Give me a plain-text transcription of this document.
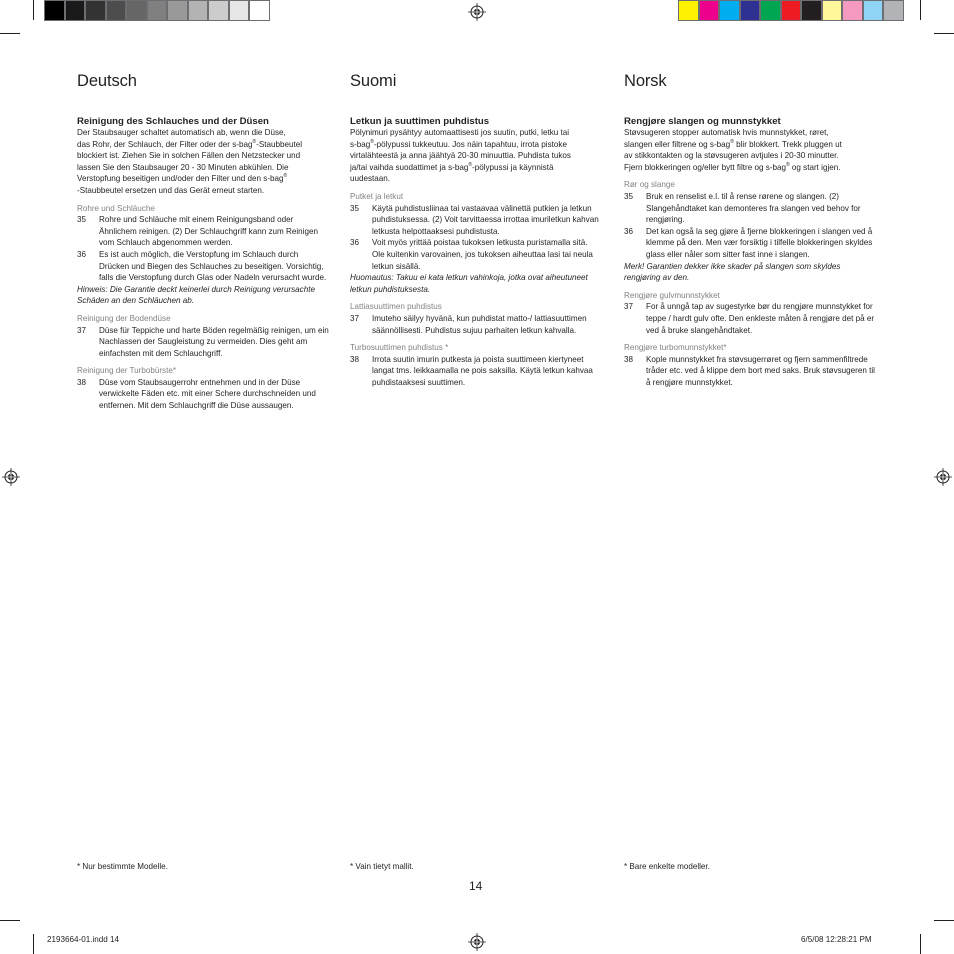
Deutsch
Reinigung des Schlauches und der Düsen
Der Staubsauger schaltet automatisch ab, wenn die Düse,
das Rohr, der Schlauch, der Filter oder der s-bag®-Staubbeutel
blockiert ist. Ziehen Sie in solchen Fällen den Netzstecker und
lassen Sie den Staubsauger 20 - 30 Minuten abkühlen. Die
Verstopfung beseitigen und/oder den Filter und den s-bag®
-Staubbeutel ersetzen und das Gerät erneut starten.
Rohre und Schläuche
35	Rohre und Schläuche mit einem Reinigungsband oder Ähnlichem reinigen. (2) Der Schlauchgriff kann zum Reinigen vom Schlauch abgenommen werden.
36	Es ist auch möglich, die Verstopfung im Schlauch durch Drücken und Biegen des Schlauches zu beseitigen. Vorsichtig, falls die Verstopfung durch Glas oder Nadeln verursacht wurde.
Hinweis: Die Garantie deckt keinerlei durch Reinigung verursachte Schäden an den Schläuchen ab.
Reinigung der Bodendüse
37	Düse für Teppiche und harte Böden regelmäßig reinigen, um ein Nachlassen der Saugleistung zu vermeiden. Dies geht am einfachsten mit dem Schlauchgriff.
Reinigung der Turbobürste*
38	Düse vom Staubsaugerrohr entnehmen und in der Düse verwickelte Fäden etc. mit einer Schere durchschneiden und entfernen. Mit dem Schlauchgriff die Düse aussaugen.
Suomi
Letkun ja suuttimen puhdistus
Pölynimuri pysähtyy automaattisesti jos suutin, putki, letku tai
s-bag®-pölypussi tukkeutuu. Jos näin tapahtuu, irrota pistoke
virtalähteestä ja anna jäähtyä 20-30 minuuttia. Puhdista tukos
ja/tai vaihda suodattimet ja s-bag®-pölypussi ja käynnistä
uudestaan.
Putket ja letkut
35	Käytä puhdistusliinaa tai vastaavaa välinettä putkien ja letkun puhdistuksessa. (2) Voit tarvittaessa irrottaa imuriletkun kahvan letkusta helpottaaksesi puhdistusta.
36	Voit myös yrittää poistaa tukoksen letkusta puristamalla sitä. Ole kuitenkin varovainen, jos tukoksen aiheuttaa lasi tai neula letkun sisällä.
Huomautus: Takuu ei kata letkun vahinkoja, jotka ovat aiheutuneet letkun puhdistuksesta.
Lattiasuuttimen puhdistus
37	Imuteho säilyy hyvänä, kun puhdistat matto-/ lattiasuuttimen säännöllisesti. Puhdistus sujuu parhaiten letkun kahvalla.
Turbosuuttimen puhdistus *
38	Irrota suutin imurin putkesta ja poista suuttimeen kiertyneet langat tms. leikkaamalla ne pois saksilla. Käytä letkun kahvaa puhdistaaksesi suuttimen.
Norsk
Rengjøre slangen og munnstykket
Støvsugeren stopper automatisk hvis munnstykket, røret,
slangen eller filtrene og s-bag® blir blokkert. Trekk pluggen ut
av stikkontakten og la støvsugeren avtjules i 20-30 minutter.
Fjern blokkeringen og/eller bytt filtre og s-bag® og start igjen.
Rør og slange
35	Bruk en renselist e.l. til å rense rørene og slangen. (2) Slangehåndtaket kan demonteres fra slangen ved behov for rengjøring.
36	Det kan også la seg gjøre å fjerne blokkeringen i slangen ved å klemme på den. Men vær forsiktig i tilfelle blokkeringen skyldes glass eller nåler som sitter fast inne i slangen.
Merk! Garantien dekker ikke skader på slangen som skyldes rengjøring av den.
Rengjøre gulvmunnstykket
37	For å unngå tap av sugestyrke bør du rengjøre munnstykket for teppe / hardt gulv ofte. Den enkleste måten å rengjøre det på er ved å bruke slangehåndtaket.
Rengjøre turbomunnstykket*
38	Kople munnstykket fra støvsugerrøret og fjern sammenfiltrede tråder etc. ved å klippe dem bort med saks. Bruk støvsugeren til å rengjøre munnstykket.
* Nur bestimmte Modelle.	* Vain tietyt mallit.	* Bare enkelte modeller.
14
2193664-01.indd 14	6/5/08 12:28:21 PM
